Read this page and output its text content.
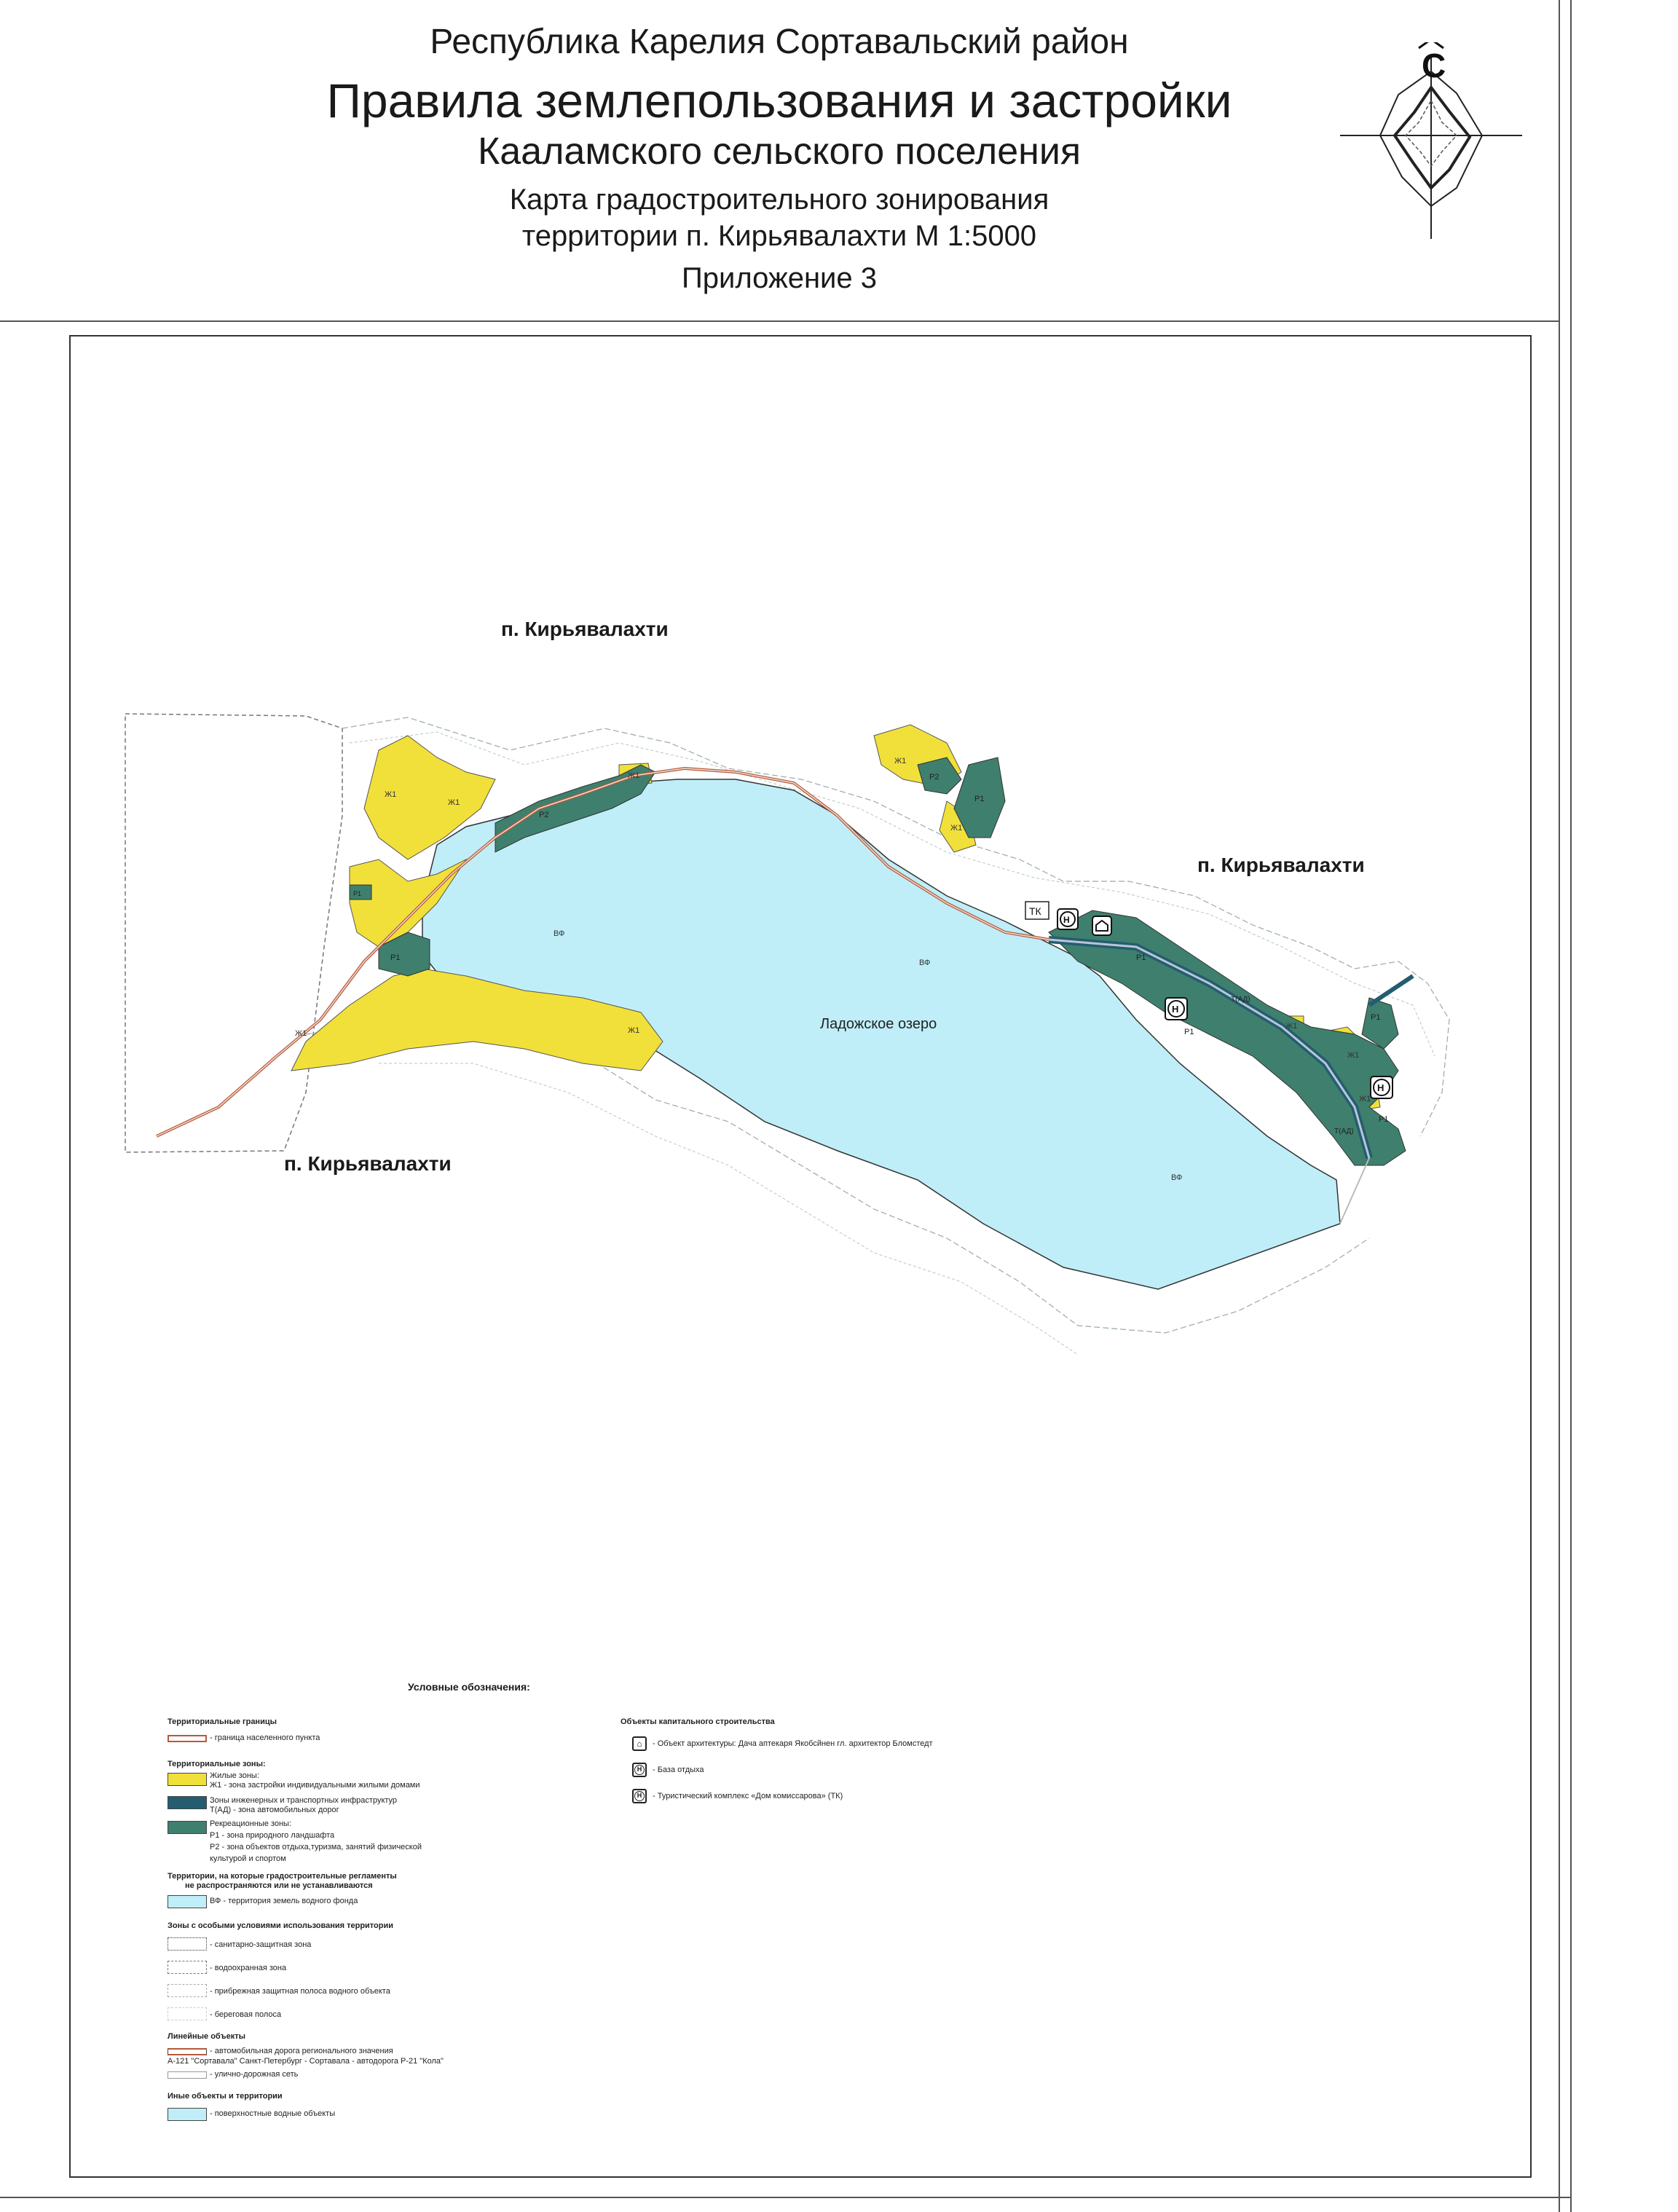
Республика Карелия Сортавальский район
Правила землепользования и застройки
Кааламского сельского поселения
Карта градостроительного зонирования
территории п. Кирьявалахти М 1:5000
Приложение 3
С
ВФ
ВФ
ВФ
Ж1
Ж1
Ж1
Ж1	Ж1
Ж1
Ж1
Ж1
Ж1
Ж1
Р2
Р2
Р1
Р1
Р1
Р1
Р1
Р1
Р1
Т(АД)
Т(АД)
ТК
Н
Н
Н
Ладожское озеро
п. Кирьявалахти
п. Кирьявалахти
п. Кирьявалахти
Условные обозначения:
Территориальные границы
- граница населенного пункта
Территориальные зоны:
Жилые зоны:
Ж1 - зона застройки индивидуальными жилыми домами
Зоны инженерных и транспортных инфраструктур
Т(АД) - зона автомобильных дорог
Рекреационные зоны:
Р1 - зона природного ландшафта
Р2 - зона объектов отдыха,туризма, занятий физической
культурой и спортом
Территории, на которые градостроительные регламенты
не распространяются или не устанавливаются
ВФ - территория земель водного фонда
Зоны с особыми условиями использования территории
- санитарно-защитная зона
- водоохранная зона
- прибрежная защитная полоса водного объекта
- береговая полоса
Линейные объекты
- автомобильная дорога регионального значения
А-121 "Сортавала" Санкт-Петербург - Сортавала - автодорога Р-21 "Кола"
- улично-дорожная сеть
Иные объекты и территории
- поверхностные водные объекты
Объекты капитального строительства
⌂	- Объект архитектуры: Дача аптекаря Якобсйнен гл. архитектор Бломстедт
Н	- База отдыха
Н	- Туристический комплекс «Дом комиссарова» (ТК)
